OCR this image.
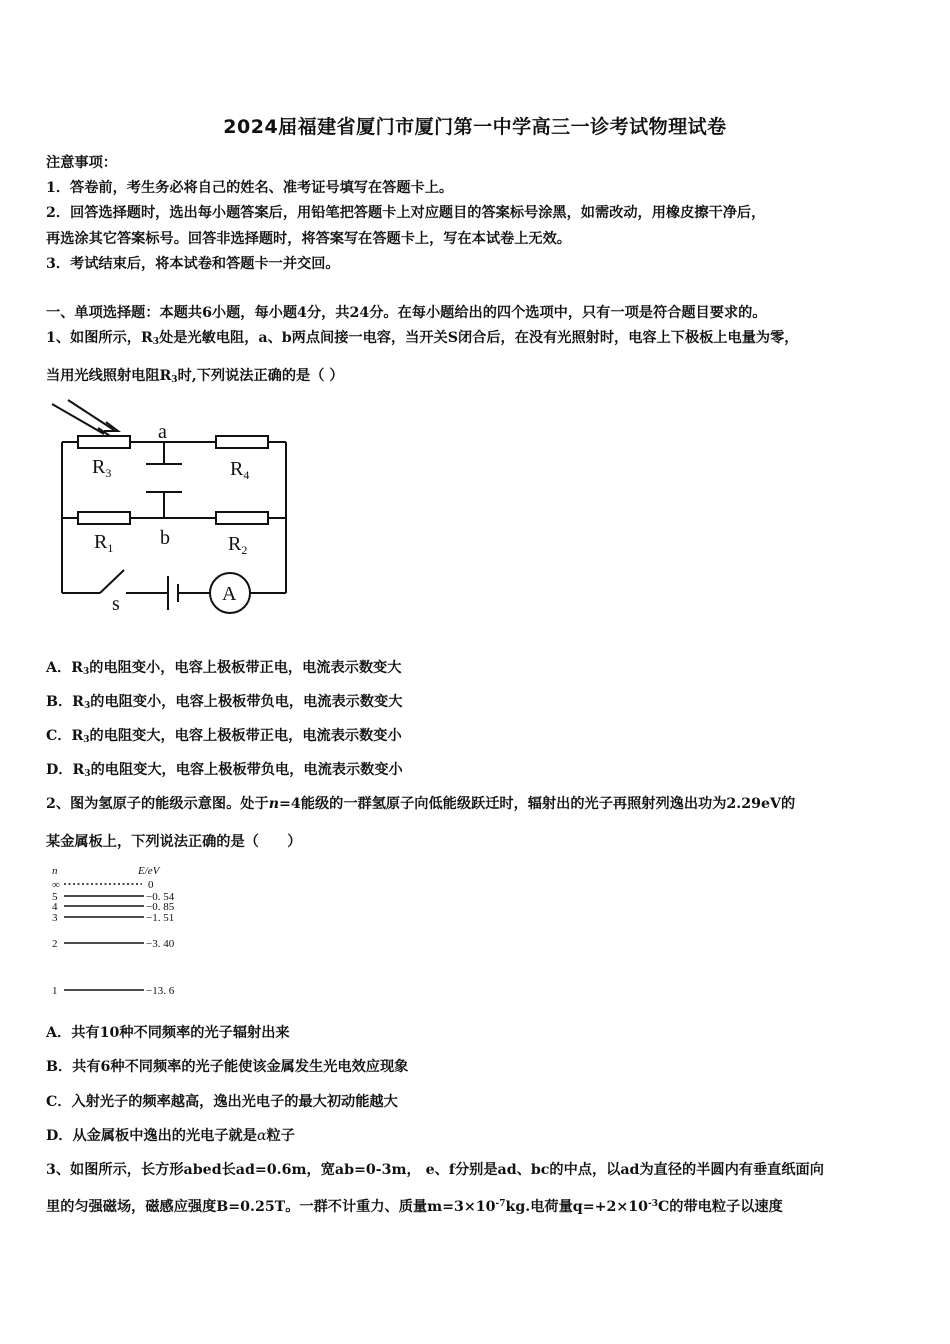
2024届福建省厦门市厦门第一中学高三一诊考试物理试卷
注意事项：
1．答卷前，考生务必将自己的姓名、准考证号填写在答题卡上。
2．回答选择题时，选出每小题答案后，用铅笔把答题卡上对应题目的答案标号涂黑，如需改动，用橡皮擦干净后，
再选涂其它答案标号。回答非选择题时，将答案写在答题卡上，写在本试卷上无效。
3．考试结束后，将本试卷和答题卡一并交回。
一、单项选择题：本题共6小题，每小题4分，共24分。在每小题给出的四个选项中，只有一项是符合题目要求的。
1、如图所示，$R_3$处是光敏电阻，a、b两点间接一电容，当开关S闭合后，在没有光照射时，电容上下极板上电量为零，
当用光线照射电阻$R_3$时,下列说法正确的是（ ）
a
$R_3$	$R_4$
$R_1$ b	$R_2$
s	A
A．$R_3$的电阻变小，电容上极板带正电，电流表示数变大
B．$R_3$的电阻变小，电容上极板带负电，电流表示数变大
C．$R_3$的电阻变大，电容上极板带正电，电流表示数变小
D．$R_3$的电阻变大，电容上极板带负电，电流表示数变小
2、图为氢原子的能级示意图。处于n=4能级的一群氢原子向低能级跃迁时，辐射出的光子再照射列逸出功为2.29eV的
某金属板上，下列说法正确的是（　　）
n	E/eV
∞	0
5	−0. 54
4	−0. 85
3	−1. 51
2	−3. 40
1	−13. 6
A．共有10种不同频率的光子辐射出来
B．共有6种不同频率的光子能使该金属发生光电效应现象
C．入射光子的频率越高，逸出光电子的最大初动能越大
D．从金属板中逸出的光电子就是α粒子
3、如图所示，长方形abed长ad=0.6m，宽ab=0-3m， e、f分别是ad、bc的中点，以ad为直径的半圆内有垂直纸面向
里的匀强磁场，磁感应强度B=0.25T。一群不计重力、质量$m=3\times 10^{-7}kg$.电荷量$q=+2\times 10^{-3}C$的带电粒子以速度
